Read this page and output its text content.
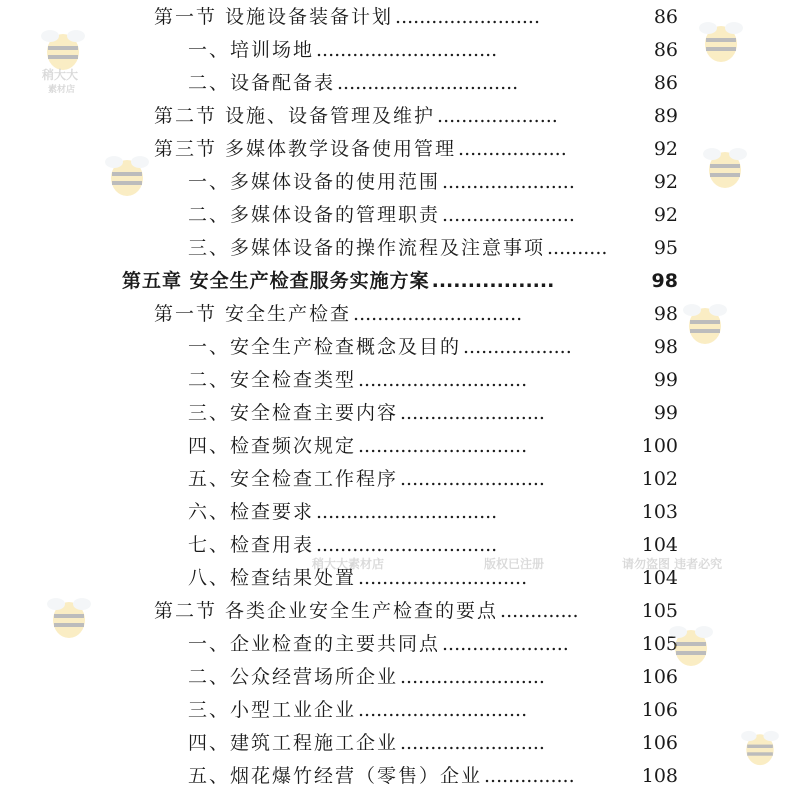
第一节 设施设备装备计划 ........................	86
一、培训场地 ..............................	86
二、设备配备表 ..............................	86
第二节 设施、设备管理及维护 ....................	89
第三节 多媒体教学设备使用管理 ..................	92
一、多媒体设备的使用范围 ......................	92
二、多媒体设备的管理职责 ......................	92
三、多媒体设备的操作流程及注意事项 .......... 95
第五章 安全生产检查服务实施方案 .................	98
第一节 安全生产检查 ............................	98
一、安全生产检查概念及目的 ..................	98
二、安全检查类型 ............................	99
三、安全检查主要内容 ........................	99
四、检查频次规定 ............................	100
五、安全检查工作程序 ........................	102
六、检查要求 ..............................	103
七、检查用表 ..............................	104
八、检查结果处置 ............................	104
第二节 各类企业安全生产检查的要点 .............	105
一、企业检查的主要共同点 .....................	105
二、公众经营场所企业 ........................	106
三、小型工业企业 ............................	106
四、建筑工程施工企业 ........................	106
五、烟花爆竹经营（零售）企业 ...............	108
稍大大
素材店
版权已注册	请勿盗图 违者必究
稍大大素材店
